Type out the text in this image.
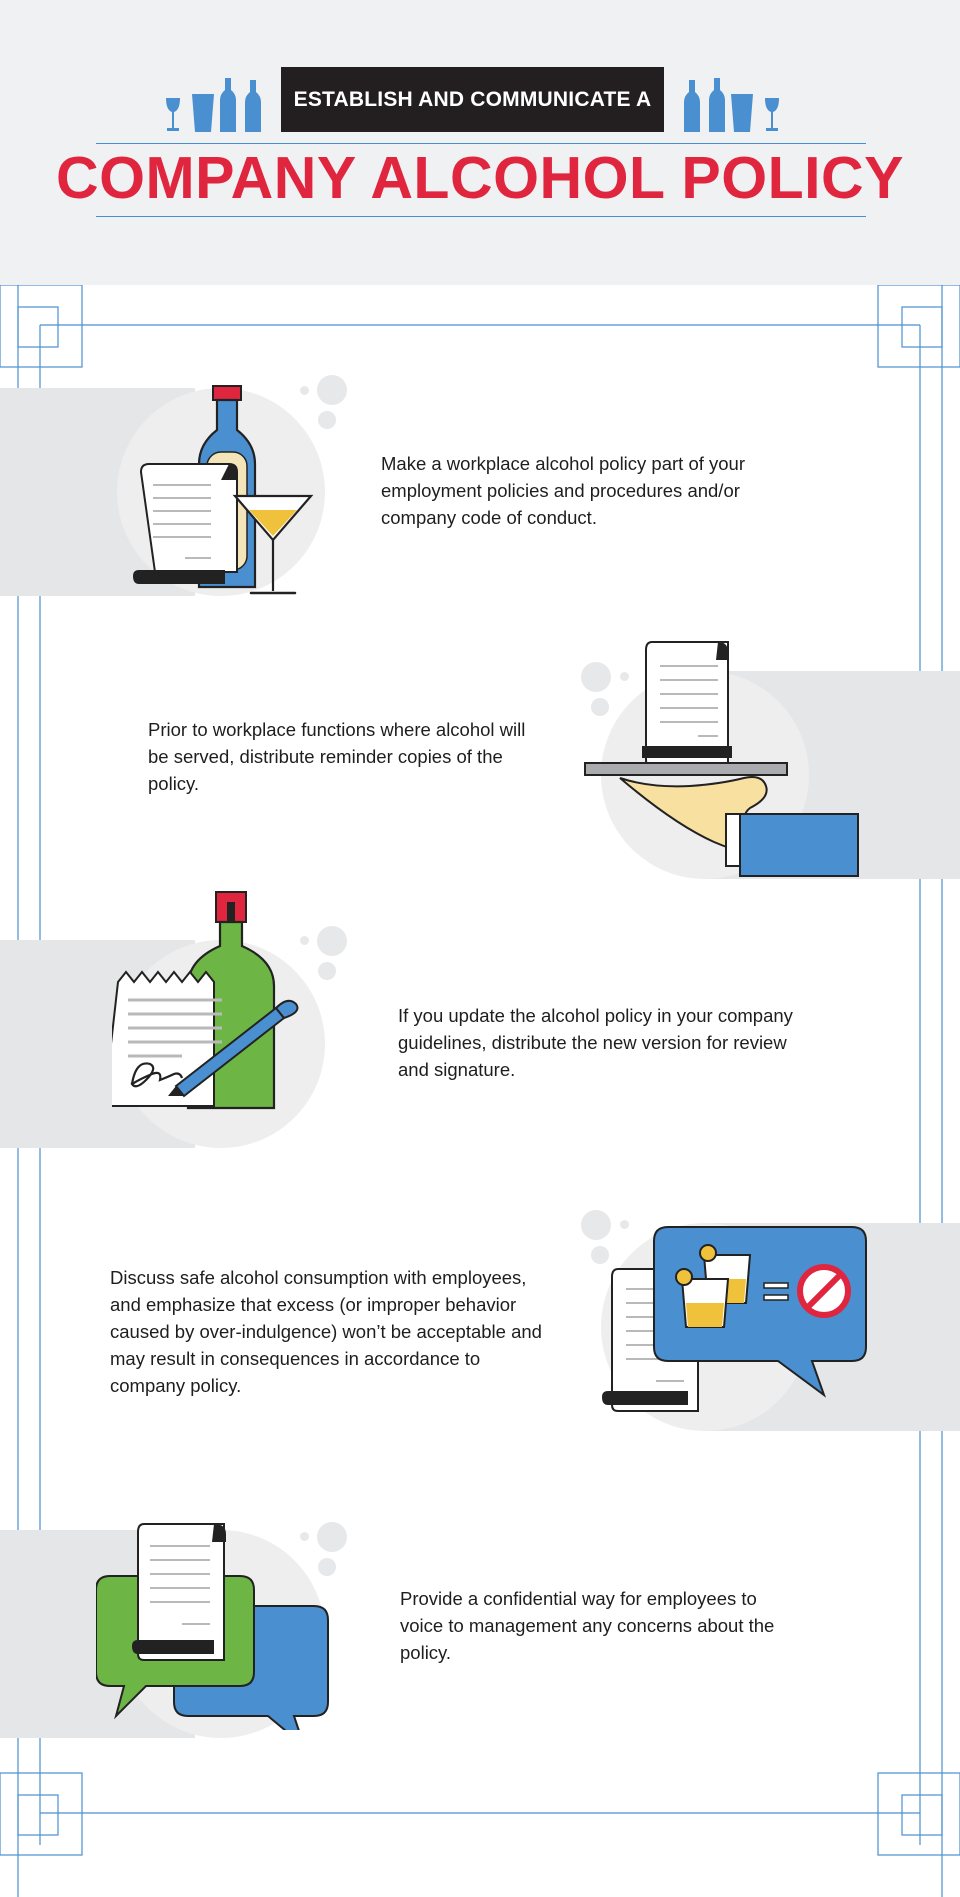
ESTABLISH AND COMMUNICATE A
COMPANY ALCOHOL POLICY
Make a workplace alcohol policy part of your employment policies and procedures and/or company code of conduct.
Prior to workplace functions where alcohol will be served, distribute reminder copies of the policy.
If you update the alcohol policy in your company guidelines, distribute the new version for review and signature.
Discuss safe alcohol consumption with employees, and emphasize that excess (or improper behavior caused by over-indulgence) won’t be acceptable and may result in consequences in accordance to company policy.
Provide a confidential way for employees to voice to management any concerns about the policy.
